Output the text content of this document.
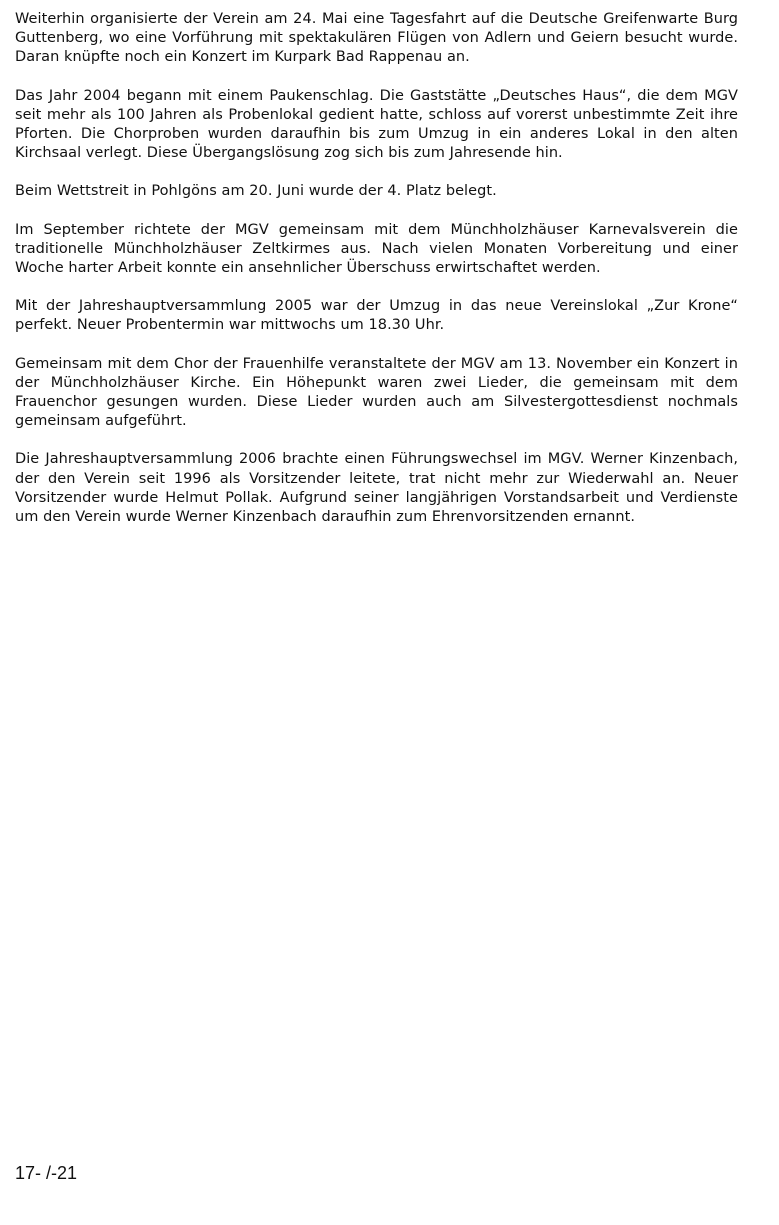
Weiterhin organisierte der Verein am 24. Mai eine Tagesfahrt auf die Deutsche Greifenwarte Burg Guttenberg, wo eine Vorführung mit spektakulären Flügen von Adlern und Geiern besucht wurde. Daran knüpfte noch ein Konzert im Kurpark Bad Rappenau an.

Das Jahr 2004 begann mit einem Paukenschlag. Die Gaststätte „Deutsches Haus“, die dem MGV seit mehr als 100 Jahren als Probenlokal gedient hatte, schloss auf vorerst unbestimmte Zeit ihre Pforten. Die Chorproben wurden daraufhin bis zum Umzug in ein anderes Lokal in den alten Kirchsaal verlegt. Diese Übergangslösung zog sich bis zum Jahresende hin.

Beim Wettstreit in Pohlgöns am 20. Juni wurde der 4. Platz belegt.

Im September richtete der MGV gemeinsam mit dem Münchholzhäuser Karnevalsverein die traditionelle Münchholzhäuser Zeltkirmes aus. Nach vielen Monaten Vorbereitung und einer Woche harter Arbeit konnte ein ansehnlicher Überschuss erwirtschaftet werden.

Mit der Jahreshauptversammlung 2005 war der Umzug in das neue Vereinslokal „Zur Krone“ perfekt. Neuer Probentermin war mittwochs um 18.30 Uhr.

Gemeinsam mit dem Chor der Frauenhilfe veranstaltete der MGV am 13. November ein Konzert in der Münchholzhäuser Kirche. Ein Höhepunkt waren zwei Lieder, die gemeinsam mit dem Frauenchor gesungen wurden. Diese Lieder wurden auch am Silvestergottesdienst nochmals gemeinsam aufgeführt.

Die Jahreshauptversammlung 2006 brachte einen Führungswechsel im MGV. Werner Kinzenbach, der den Verein seit 1996 als Vorsitzender leitete, trat nicht mehr zur Wiederwahl an. Neuer Vorsitzender wurde Helmut Pollak. Aufgrund seiner langjährigen Vorstandsarbeit und Verdienste um den Verein wurde Werner Kinzenbach daraufhin zum Ehrenvorsitzenden ernannt.

17- /-21
